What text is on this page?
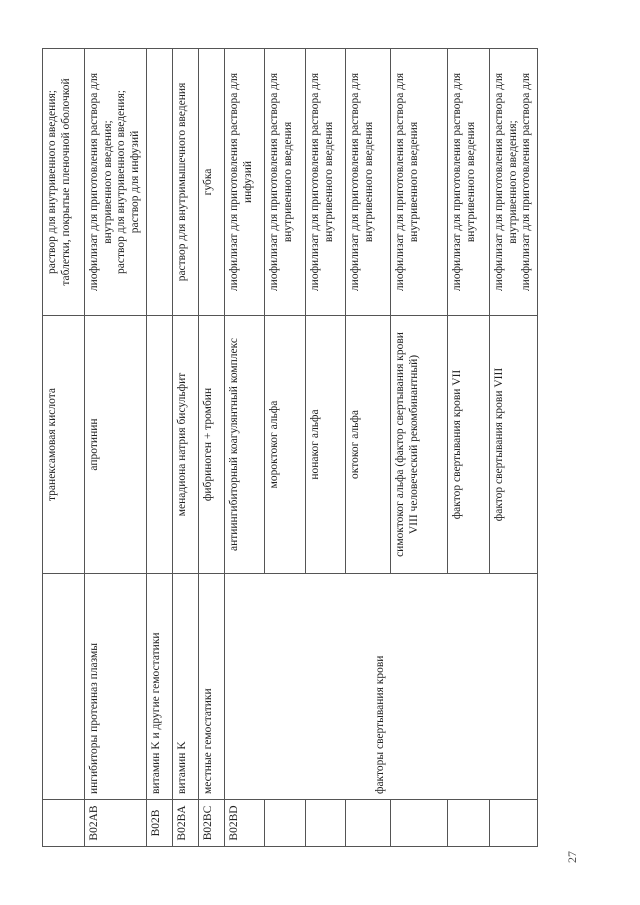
27
		транексамовая кислота	раствор для внутривенного введения; таблетки, покрытые пленочной оболочкой

B02AB	ингибиторы протеиназ плазмы	апротинин	лиофилизат для приготовления раствора для внутривенного введения; раствор для внутривенного введения; раствор для инфузий

B02B	витамин K и другие гемостатики		
B02BA	витамин K	менадиона натрия бисульфит	раствор для внутримышечного введения

B02BC	местные гемостатики	фибриноген + тромбин	губка

B02BD	факторы свертывания крови	антиингибиторный коагулянтный комплекс	лиофилизат для приготовления раствора для инфузий

		мороктоког альфа	лиофилизат для приготовления раствора для внутривенного введения

		нонаког альфа	лиофилизат для приготовления раствора для внутривенного введения

		октоког альфа	лиофилизат для приготовления раствора для внутривенного введения

		симоктоког альфа (фактор свертывания крови VIII человеческий рекомбинантный)	лиофилизат для приготовления раствора для внутривенного введения

		фактор свертывания крови VII	лиофилизат для приготовления раствора для внутривенного введения

		фактор свертывания крови VIII	лиофилизат для приготовления раствора для внутривенного введения; лиофилизат для приготовления раствора для
